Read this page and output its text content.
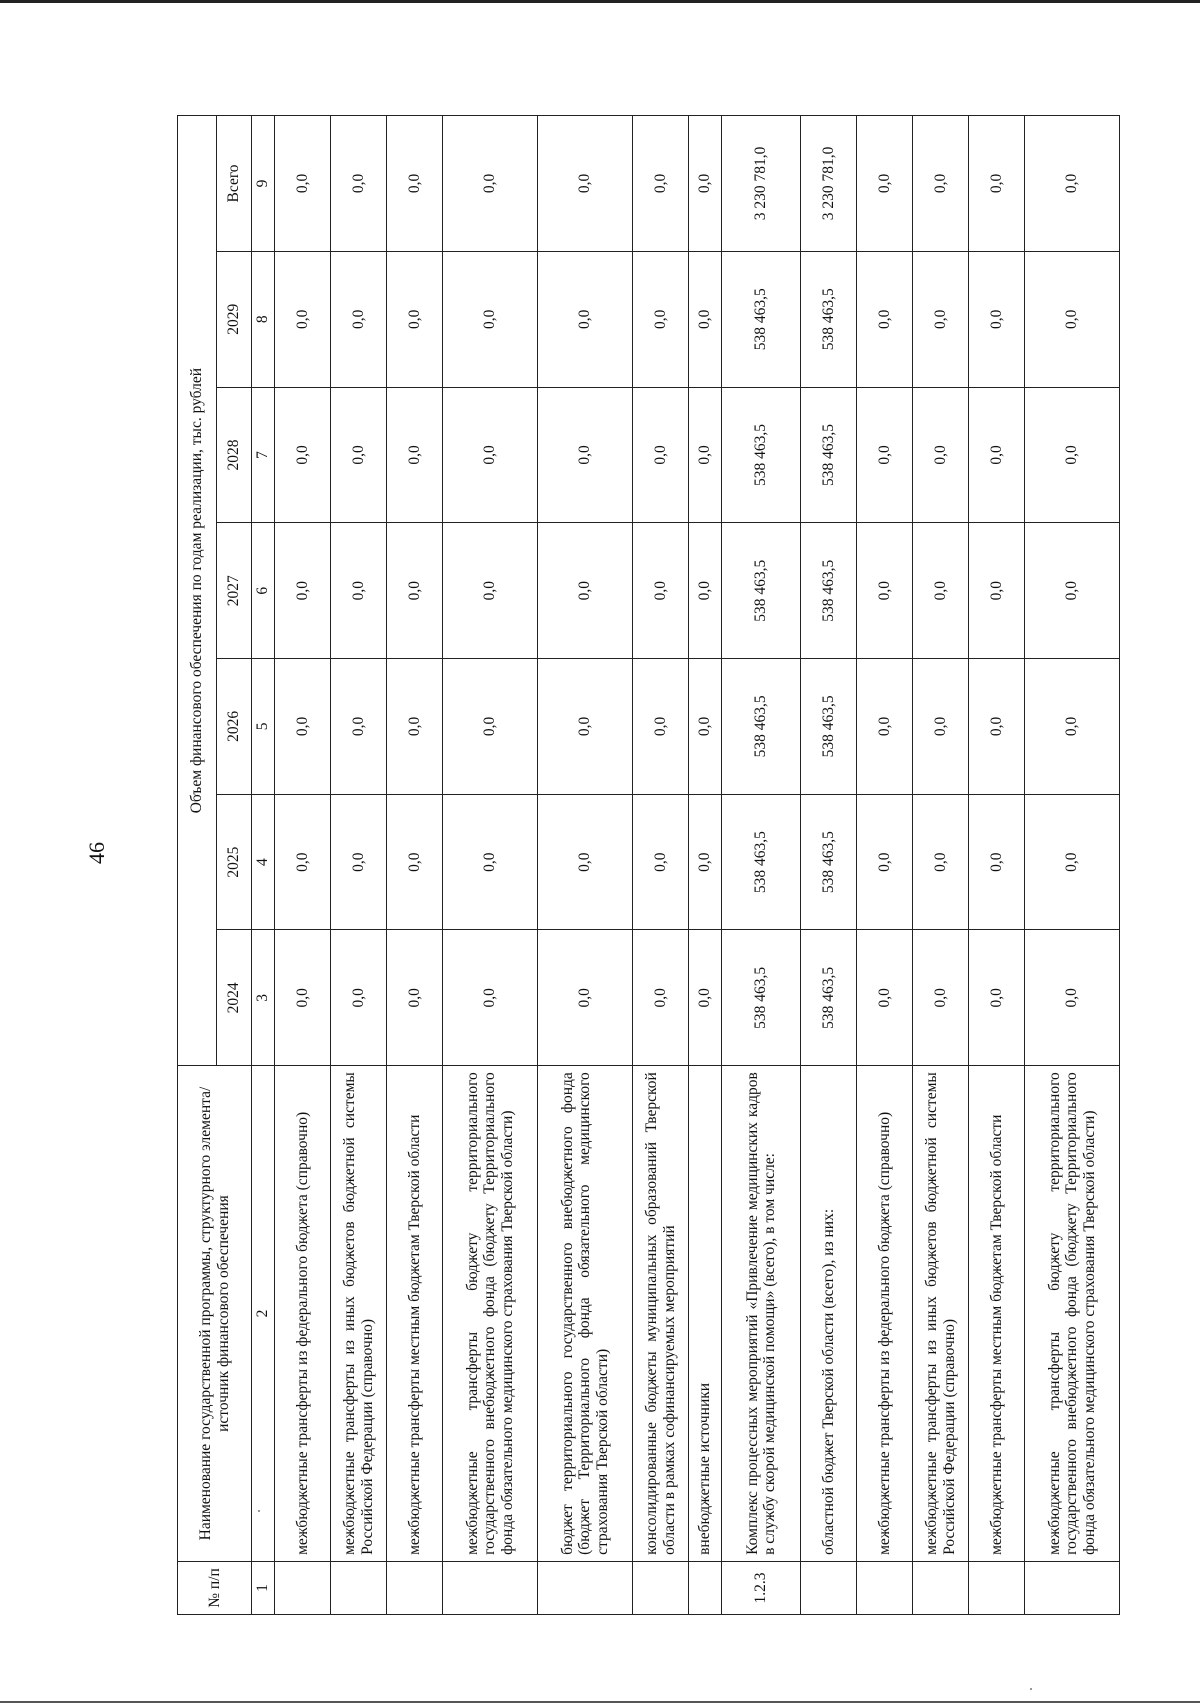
46
№ п/п	Наименование государственной программы, структурного элемента/источник финансового обеспечения	Объем финансового обеспечения по годам реализации, тыс. рублей						
		2024	2025	2026	2027	2028	2029	Всего
1	2	3	4	5	6	7	8	9
	межбюджетные трансферты из федерального бюджета (справочно)	0,0	0,0	0,0	0,0	0,0	0,0	0,0
	межбюджетные трансферты из иных бюджетов бюджетной системы Российской Федерации (справочно)	0,0	0,0	0,0	0,0	0,0	0,0	0,0
	межбюджетные трансферты местным бюджетам Тверской области	0,0	0,0	0,0	0,0	0,0	0,0	0,0
	межбюджетные трансферты бюджету территориального государственного внебюджетного фонда (бюджету Территориального фонда обязательного медицинского страхования Тверской области)	0,0	0,0	0,0	0,0	0,0	0,0	0,0
	бюджет территориального государственного внебюджетного фонда (бюджет Территориального фонда обязательного медицинского страхования Тверской области)	0,0	0,0	0,0	0,0	0,0	0,0	0,0
	консолидированные бюджеты муниципальных образований Тверской области в рамках софинансируемых мероприятий	0,0	0,0	0,0	0,0	0,0	0,0	0,0
	внебюджетные источники	0,0	0,0	0,0	0,0	0,0	0,0	0,0
1.2.3	Комплекс процессных мероприятий «Привлечение медицинских кадров в службу скорой медицинской помощи» (всего), в том числе:	538 463,5	538 463,5	538 463,5	538 463,5	538 463,5	538 463,5	3 230 781,0
	областной бюджет Тверской области (всего), из них:	538 463,5	538 463,5	538 463,5	538 463,5	538 463,5	538 463,5	3 230 781,0
	межбюджетные трансферты из федерального бюджета (справочно)	0,0	0,0	0,0	0,0	0,0	0,0	0,0
	межбюджетные трансферты из иных бюджетов бюджетной системы Российской Федерации (справочно)	0,0	0,0	0,0	0,0	0,0	0,0	0,0
	межбюджетные трансферты местным бюджетам Тверской области	0,0	0,0	0,0	0,0	0,0	0,0	0,0
	межбюджетные трансферты бюджету территориального государственного внебюджетного фонда (бюджету Территориального фонда обязательного медицинского страхования Тверской области)	0,0	0,0	0,0	0,0	0,0	0,0	0,0
